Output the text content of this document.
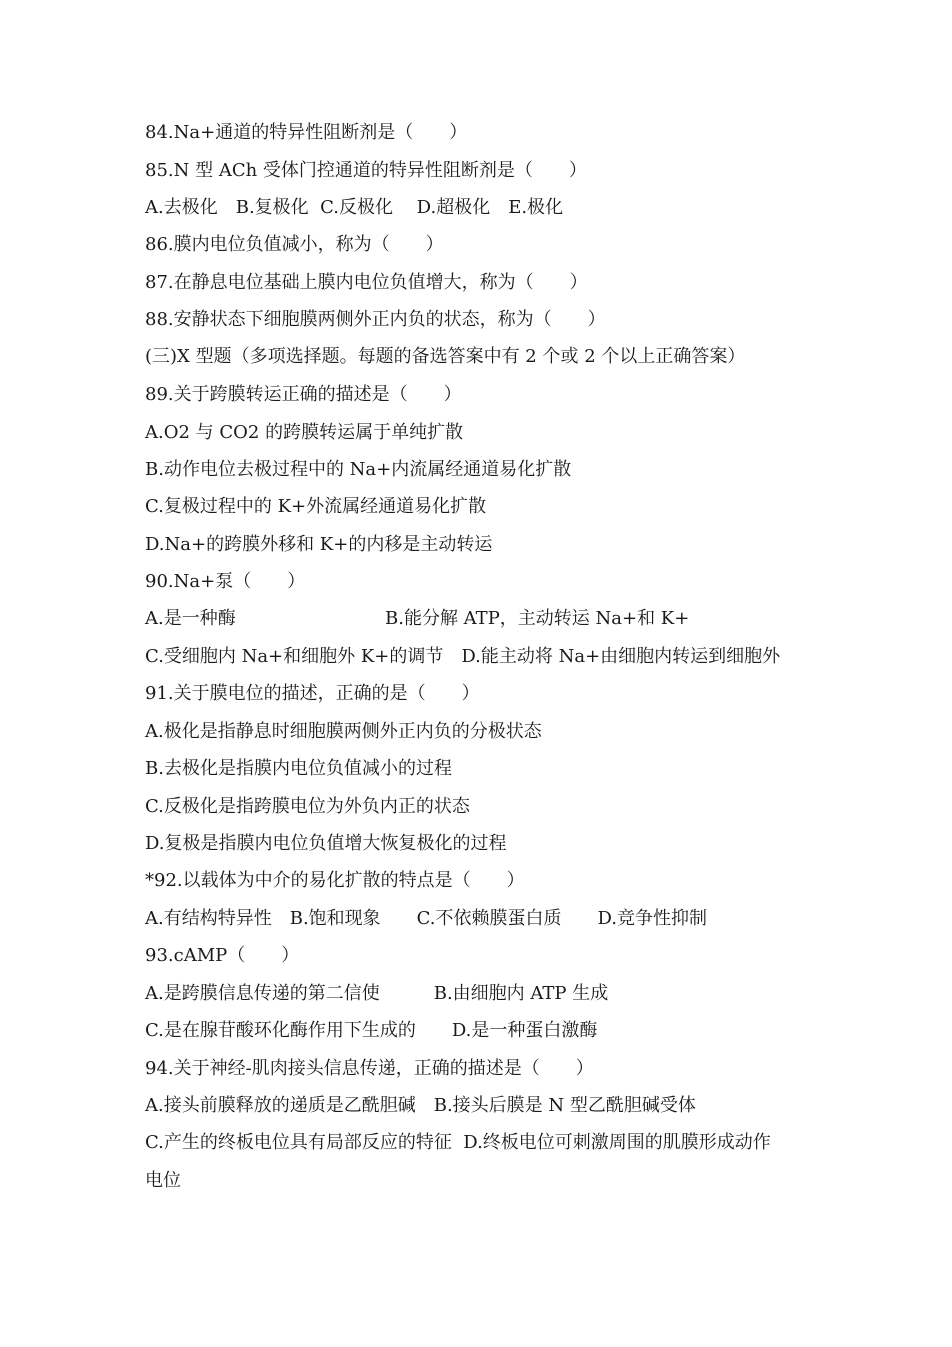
84.Na+通道的特异性阻断剂是（　　）
85.N 型 ACh 受体门控通道的特异性阻断剂是（　　）
A.去极化　B.复极化  C.反极化　 D.超极化　E.极化
86.膜内电位负值减小，称为（　　）
87.在静息电位基础上膜内电位负值增大，称为（　　）
88.安静状态下细胞膜两侧外正内负的状态，称为（　　）
(三)X 型题（多项选择题。每题的备选答案中有 2 个或 2 个以上正确答案）
89.关于跨膜转运正确的描述是（　　）
A.O2 与 CO2 的跨膜转运属于单纯扩散
B.动作电位去极过程中的 Na+内流属经通道易化扩散
C.复极过程中的 K+外流属经通道易化扩散
D.Na+的跨膜外移和 K+的内移是主动转运
90.Na+泵（　　）
A.是一种酶	B.能分解 ATP，主动转运 Na+和 K+
C.受细胞内 Na+和细胞外 K+的调节　D.能主动将 Na+由细胞内转运到细胞外
91.关于膜电位的描述，正确的是（　　）
A.极化是指静息时细胞膜两侧外正内负的分极状态
B.去极化是指膜内电位负值减小的过程
C.反极化是指跨膜电位为外负内正的状态
D.复极是指膜内电位负值增大恢复极化的过程
*92.以载体为中介的易化扩散的特点是（　　）
A.有结构特异性　B.饱和现象　　C.不依赖膜蛋白质　　D.竞争性抑制
93.cAMP（　　）
A.是跨膜信息传递的第二信使　　　B.由细胞内 ATP 生成
C.是在腺苷酸环化酶作用下生成的　　D.是一种蛋白激酶
94.关于神经-肌肉接头信息传递，正确的描述是（　　）
A.接头前膜释放的递质是乙酰胆碱　B.接头后膜是 N 型乙酰胆碱受体
C.产生的终板电位具有局部反应的特征  D.终板电位可刺激周围的肌膜形成动作
电位
